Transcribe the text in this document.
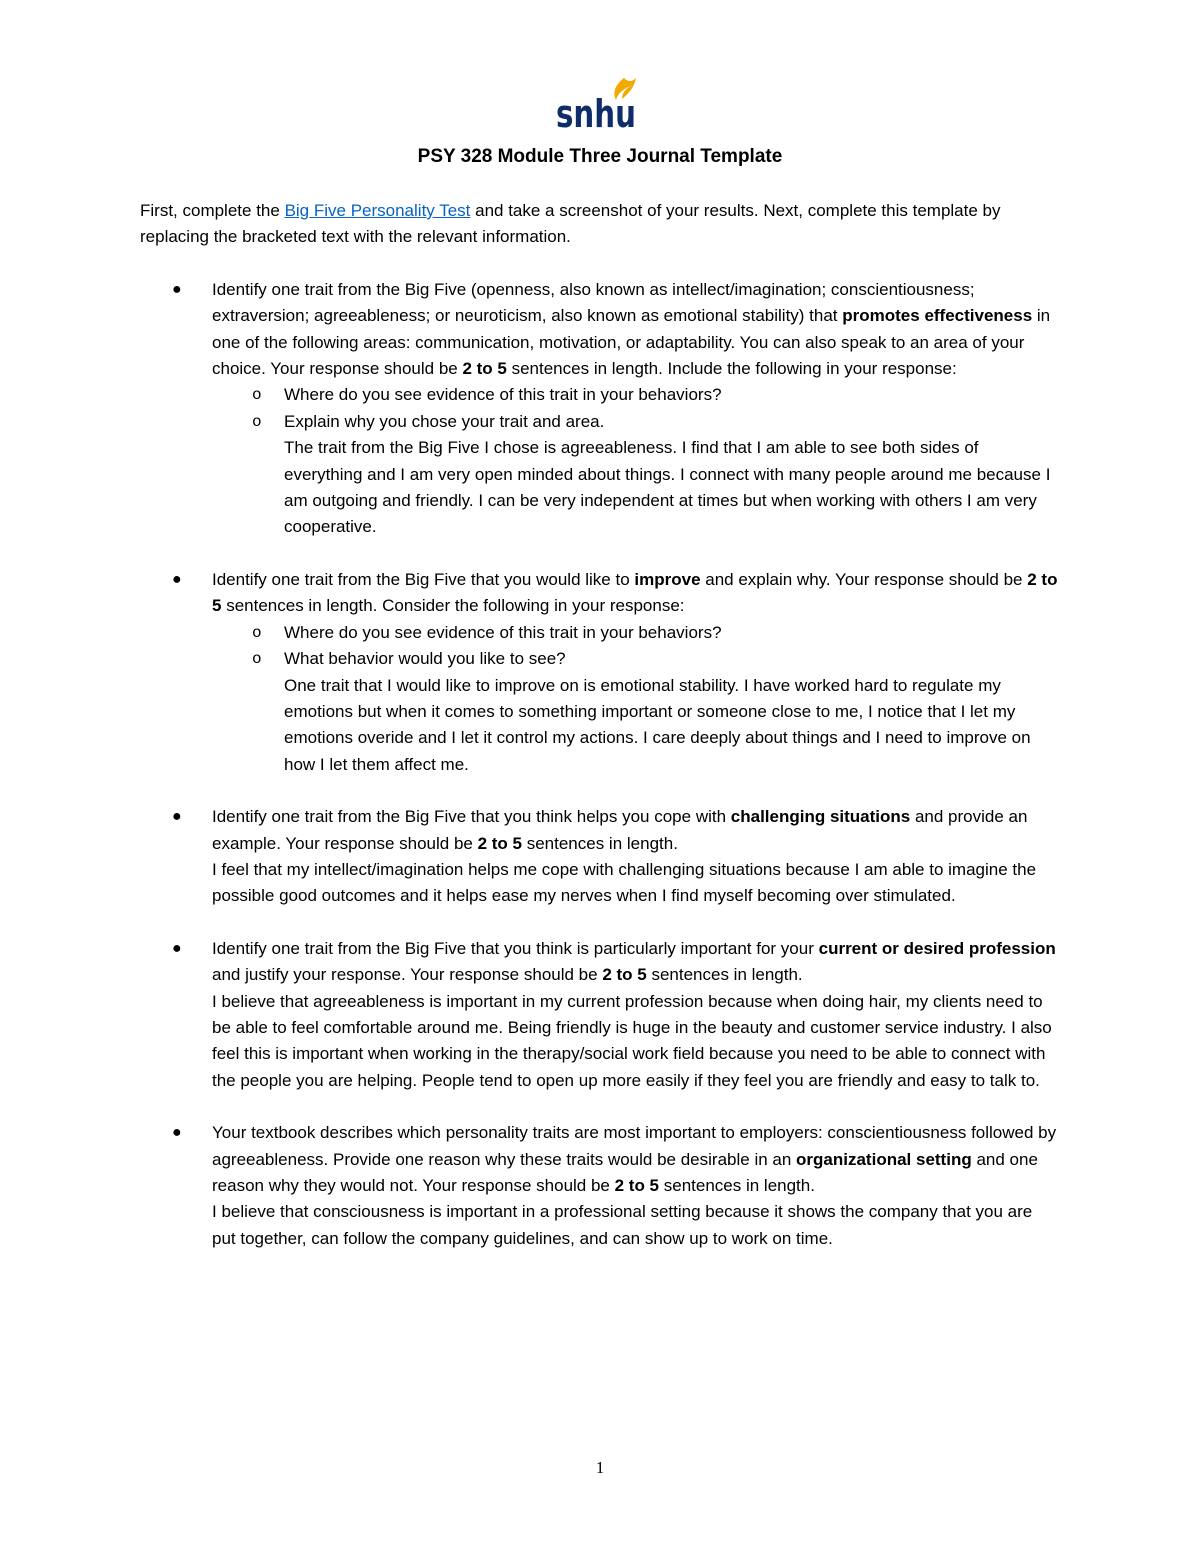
snhu
PSY 328 Module Three Journal Template

First, complete the Big Five Personality Test and take a screenshot of your results. Next, complete this template by replacing the bracketed text with the relevant information.

● Identify one trait from the Big Five (openness, also known as intellect/imagination; conscientiousness; extraversion; agreeableness; or neuroticism, also known as emotional stability) that promotes effectiveness in one of the following areas: communication, motivation, or adaptability. You can also speak to an area of your choice. Your response should be 2 to 5 sentences in length. Include the following in your response:
o Where do you see evidence of this trait in your behaviors?
o Explain why you chose your trait and area.
The trait from the Big Five I chose is agreeableness. I find that I am able to see both sides of everything and I am very open minded about things. I connect with many people around me because I am outgoing and friendly. I can be very independent at times but when working with others I am very cooperative.
● Identify one trait from the Big Five that you would like to improve and explain why. Your response should be 2 to 5 sentences in length. Consider the following in your response:
o Where do you see evidence of this trait in your behaviors?
o What behavior would you like to see?
One trait that I would like to improve on is emotional stability. I have worked hard to regulate my emotions but when it comes to something important or someone close to me, I notice that I let my emotions overide and I let it control my actions. I care deeply about things and I need to improve on how I let them affect me.
● Identify one trait from the Big Five that you think helps you cope with challenging situations and provide an example. Your response should be 2 to 5 sentences in length.
I feel that my intellect/imagination helps me cope with challenging situations because I am able to imagine the possible good outcomes and it helps ease my nerves when I find myself becoming over stimulated.
● Identify one trait from the Big Five that you think is particularly important for your current or desired profession and justify your response. Your response should be 2 to 5 sentences in length.
I believe that agreeableness is important in my current profession because when doing hair, my clients need to be able to feel comfortable around me. Being friendly is huge in the beauty and customer service industry. I also feel this is important when working in the therapy/social work field because you need to be able to connect with the people you are helping. People tend to open up more easily if they feel you are friendly and easy to talk to.
● Your textbook describes which personality traits are most important to employers: conscientiousness followed by agreeableness. Provide one reason why these traits would be desirable in an organizational setting and one reason why they would not. Your response should be 2 to 5 sentences in length.
I believe that consciousness is important in a professional setting because it shows the company that you are put together, can follow the company guidelines, and can show up to work on time.
1
